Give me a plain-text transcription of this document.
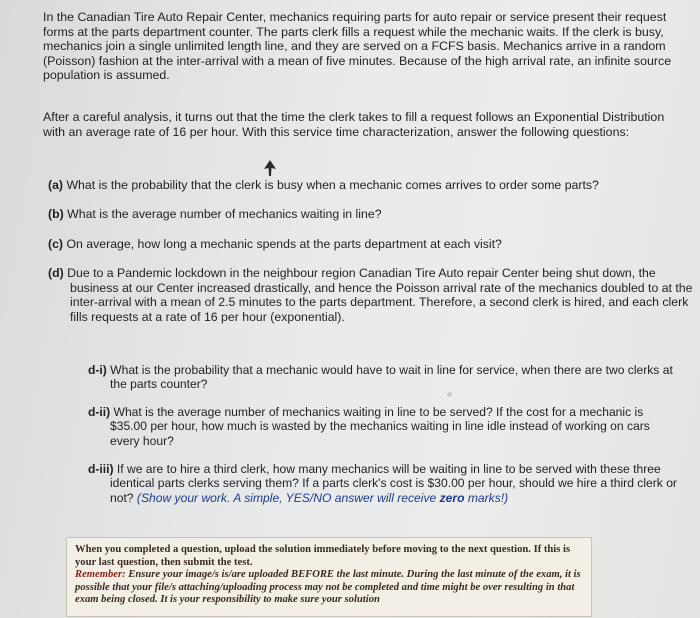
In the Canadian Tire Auto Repair Center, mechanics requiring parts for auto repair or service present their request forms at the parts department counter. The parts clerk fills a request while the mechanic waits. If the clerk is busy, mechanics join a single unlimited length line, and they are served on a FCFS basis. Mechanics arrive in a random (Poisson) fashion at the inter-arrival with a mean of five minutes. Because of the high arrival rate, an infinite source population is assumed.
After a careful analysis, it turns out that the time the clerk takes to fill a request follows an Exponential Distribution with an average rate of 16 per hour. With this service time characterization, answer the following questions:
(a) What is the probability that the clerk is busy when a mechanic comes arrives to order some parts?
(b) What is the average number of mechanics waiting in line?
(c) On average, how long a mechanic spends at the parts department at each visit?
(d) Due to a Pandemic lockdown in the neighbour region Canadian Tire Auto repair Center being shut down, the business at our Center increased drastically, and hence the Poisson arrival rate of the mechanics doubled to at the inter-arrival with a mean of 2.5 minutes to the parts department. Therefore, a second clerk is hired, and each clerk fills requests at a rate of 16 per hour (exponential).
d-i) What is the probability that a mechanic would have to wait in line for service, when there are two clerks at the parts counter?
d-ii) What is the average number of mechanics waiting in line to be served? If the cost for a mechanic is $35.00 per hour, how much is wasted by the mechanics waiting in line idle instead of working on cars every hour?
d-iii) If we are to hire a third clerk, how many mechanics will be waiting in line to be served with these three identical parts clerks serving them? If a parts clerk's cost is $30.00 per hour, should we hire a third clerk or not? (Show your work. A simple, YES/NO answer will receive zero marks!)
When you completed a question, upload the solution immediately before moving to the next question. If this is your last question, then submit the test.
Remember: Ensure your image/s is/are uploaded BEFORE the last minute. During the last minute of the exam, it is possible that your file/s attaching/uploading process may not be completed and time might be over resulting in that exam being closed. It is your responsibility to make sure your solution
